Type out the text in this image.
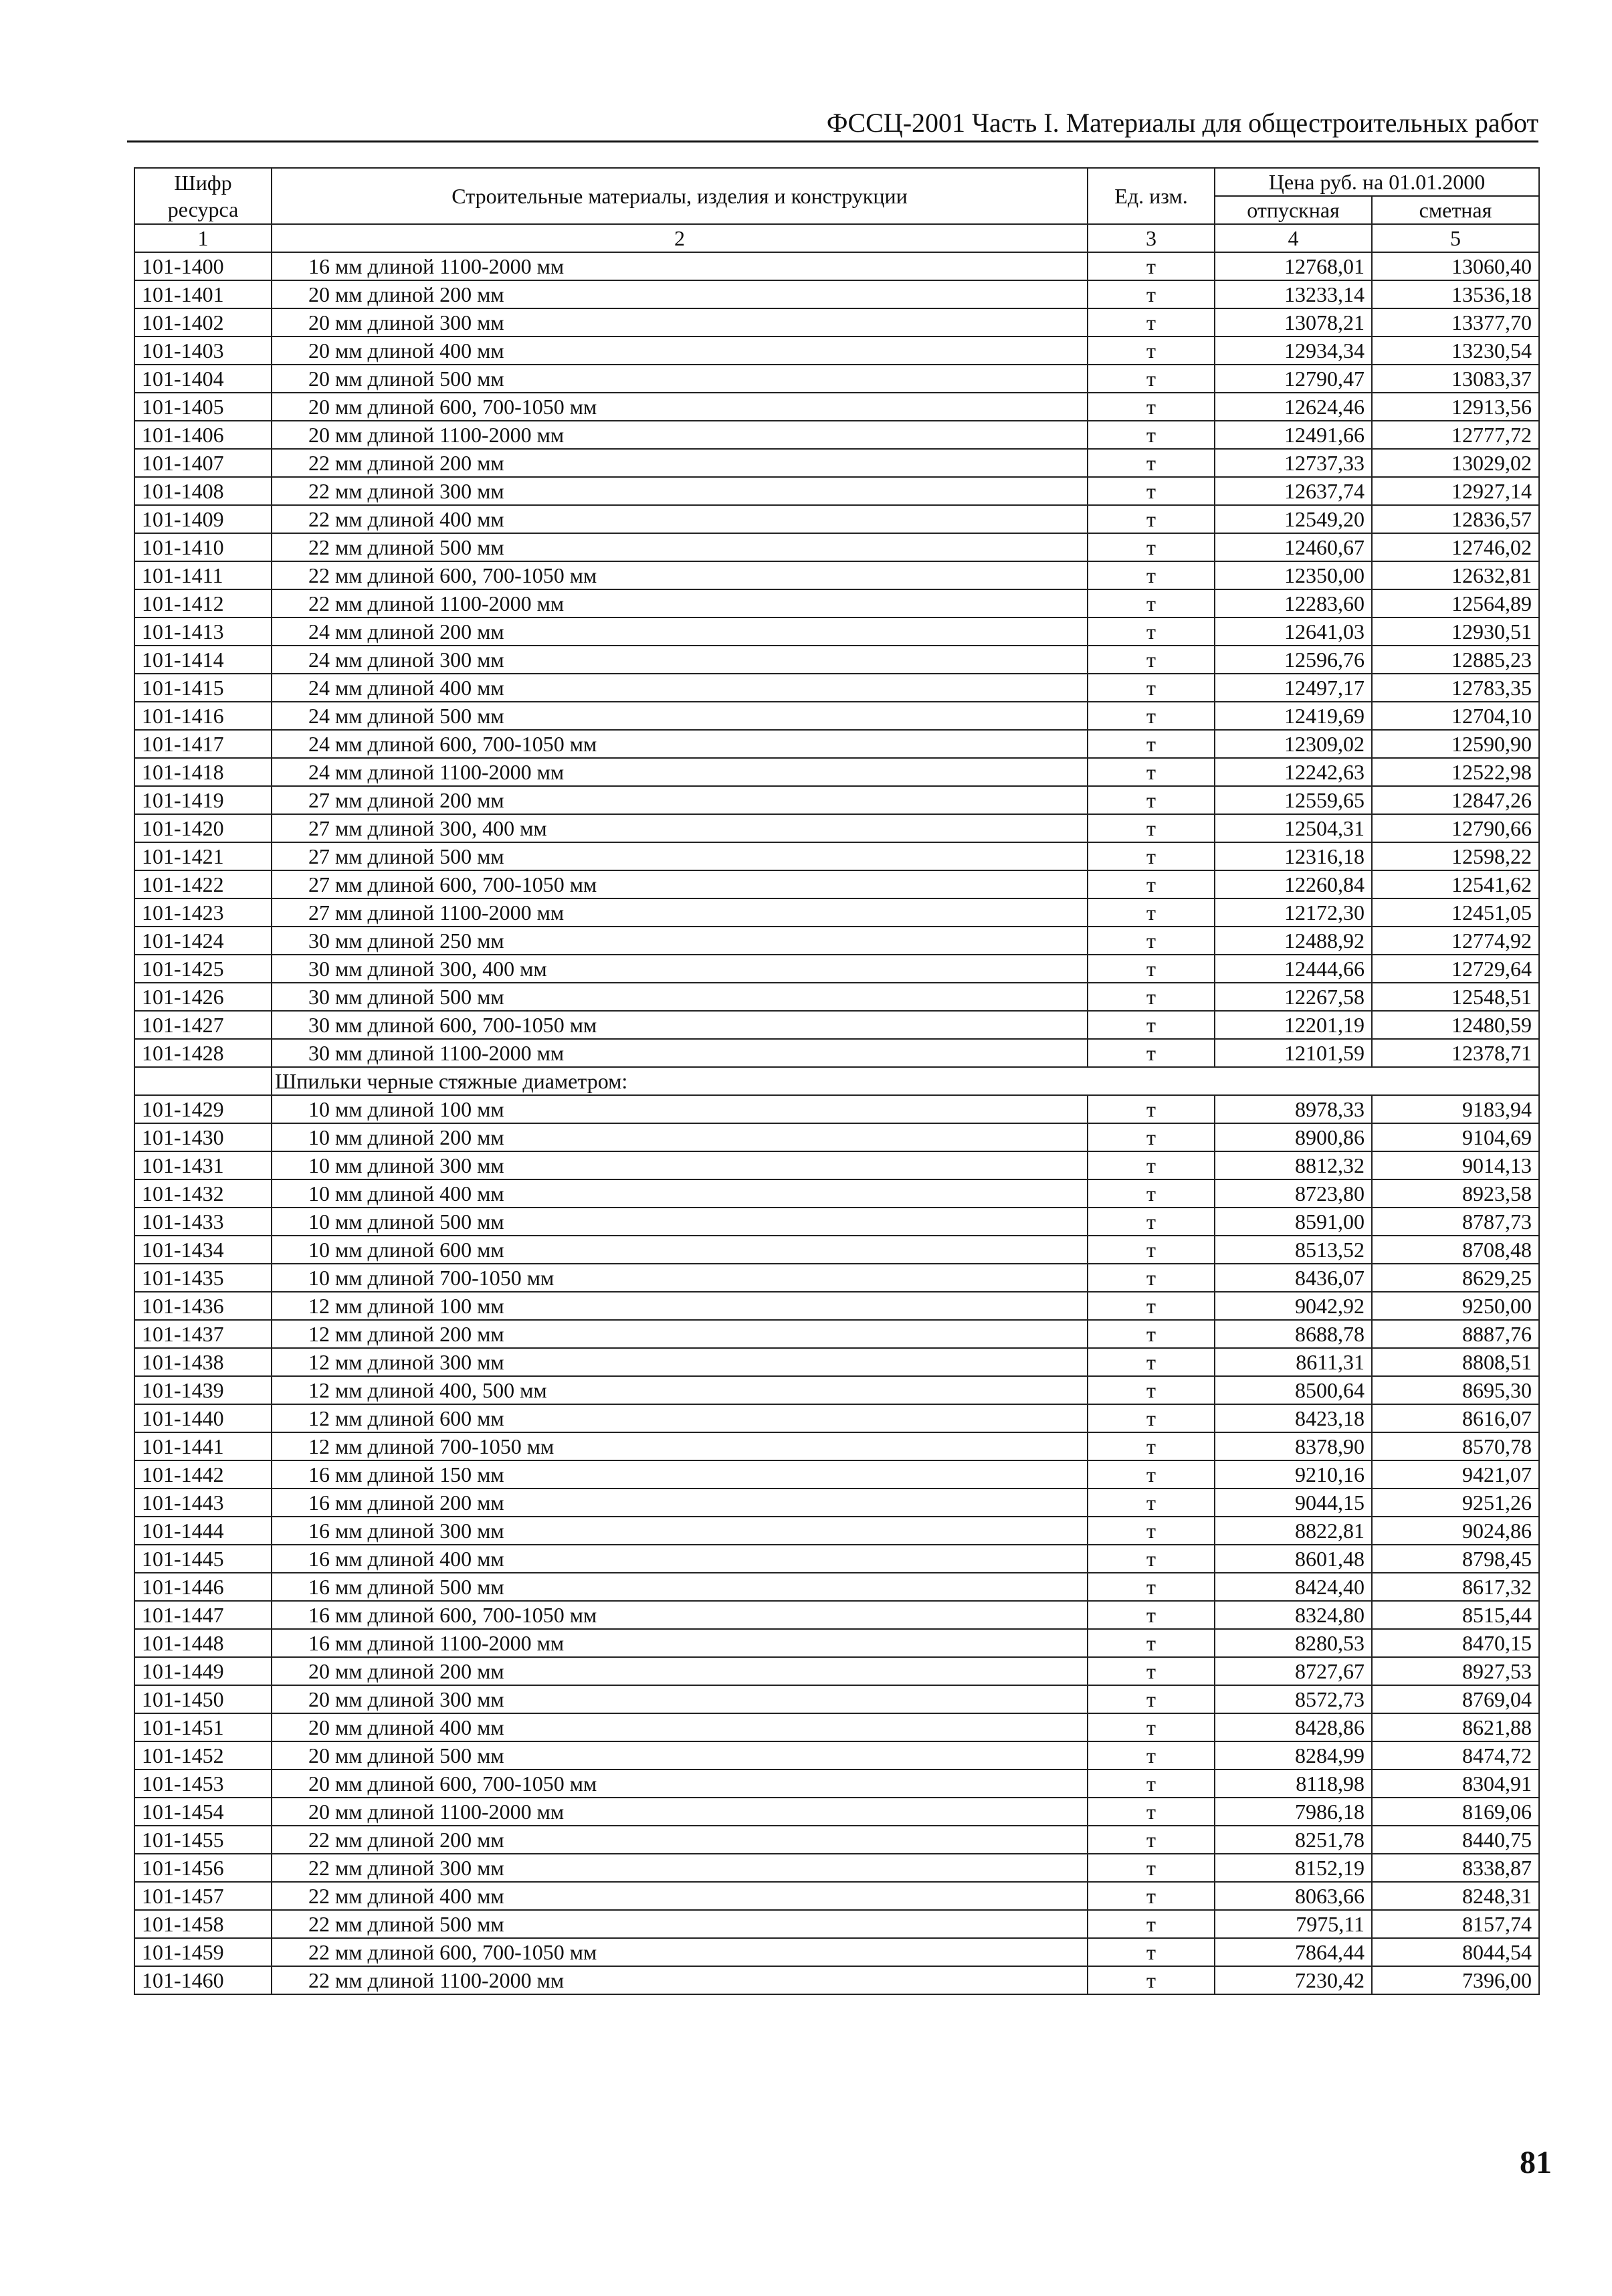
ФССЦ-2001 Часть I. Материалы для общестроительных работ
Шифр ресурса	Строительные материалы, изделия и конструкции	Ед. изм.	Цена руб. на 01.01.2000	
			отпускная	сметная
1	2	3	4	5
101-1400	16 мм длиной 1100-2000 мм	т	12768,01	13060,40
101-1401	20 мм длиной 200 мм	т	13233,14	13536,18
101-1402	20 мм длиной 300 мм	т	13078,21	13377,70
101-1403	20 мм длиной 400 мм	т	12934,34	13230,54
101-1404	20 мм длиной 500 мм	т	12790,47	13083,37
101-1405	20 мм длиной 600, 700-1050 мм	т	12624,46	12913,56
101-1406	20 мм длиной 1100-2000 мм	т	12491,66	12777,72
101-1407	22 мм длиной 200 мм	т	12737,33	13029,02
101-1408	22 мм длиной 300 мм	т	12637,74	12927,14
101-1409	22 мм длиной 400 мм	т	12549,20	12836,57
101-1410	22 мм длиной 500 мм	т	12460,67	12746,02
101-1411	22 мм длиной 600, 700-1050 мм	т	12350,00	12632,81
101-1412	22 мм длиной 1100-2000 мм	т	12283,60	12564,89
101-1413	24 мм длиной 200 мм	т	12641,03	12930,51
101-1414	24 мм длиной 300 мм	т	12596,76	12885,23
101-1415	24 мм длиной 400 мм	т	12497,17	12783,35
101-1416	24 мм длиной 500 мм	т	12419,69	12704,10
101-1417	24 мм длиной 600, 700-1050 мм	т	12309,02	12590,90
101-1418	24 мм длиной 1100-2000 мм	т	12242,63	12522,98
101-1419	27 мм длиной 200 мм	т	12559,65	12847,26
101-1420	27 мм длиной 300, 400 мм	т	12504,31	12790,66
101-1421	27 мм длиной 500 мм	т	12316,18	12598,22
101-1422	27 мм длиной 600, 700-1050 мм	т	12260,84	12541,62
101-1423	27 мм длиной 1100-2000 мм	т	12172,30	12451,05
101-1424	30 мм длиной 250 мм	т	12488,92	12774,92
101-1425	30 мм длиной 300, 400 мм	т	12444,66	12729,64
101-1426	30 мм длиной 500 мм	т	12267,58	12548,51
101-1427	30 мм длиной 600, 700-1050 мм	т	12201,19	12480,59
101-1428	30 мм длиной 1100-2000 мм	т	12101,59	12378,71
	Шпильки черные стяжные диаметром:			
101-1429	10 мм длиной 100 мм	т	8978,33	9183,94
101-1430	10 мм длиной 200 мм	т	8900,86	9104,69
101-1431	10 мм длиной 300 мм	т	8812,32	9014,13
101-1432	10 мм длиной 400 мм	т	8723,80	8923,58
101-1433	10 мм длиной 500 мм	т	8591,00	8787,73
101-1434	10 мм длиной 600 мм	т	8513,52	8708,48
101-1435	10 мм длиной 700-1050 мм	т	8436,07	8629,25
101-1436	12 мм длиной 100 мм	т	9042,92	9250,00
101-1437	12 мм длиной 200 мм	т	8688,78	8887,76
101-1438	12 мм длиной 300 мм	т	8611,31	8808,51
101-1439	12 мм длиной 400, 500 мм	т	8500,64	8695,30
101-1440	12 мм длиной 600 мм	т	8423,18	8616,07
101-1441	12 мм длиной 700-1050 мм	т	8378,90	8570,78
101-1442	16 мм длиной 150 мм	т	9210,16	9421,07
101-1443	16 мм длиной 200 мм	т	9044,15	9251,26
101-1444	16 мм длиной 300 мм	т	8822,81	9024,86
101-1445	16 мм длиной 400 мм	т	8601,48	8798,45
101-1446	16 мм длиной 500 мм	т	8424,40	8617,32
101-1447	16 мм длиной 600, 700-1050 мм	т	8324,80	8515,44
101-1448	16 мм длиной 1100-2000 мм	т	8280,53	8470,15
101-1449	20 мм длиной 200 мм	т	8727,67	8927,53
101-1450	20 мм длиной 300 мм	т	8572,73	8769,04
101-1451	20 мм длиной 400 мм	т	8428,86	8621,88
101-1452	20 мм длиной 500 мм	т	8284,99	8474,72
101-1453	20 мм длиной 600, 700-1050 мм	т	8118,98	8304,91
101-1454	20 мм длиной 1100-2000 мм	т	7986,18	8169,06
101-1455	22 мм длиной 200 мм	т	8251,78	8440,75
101-1456	22 мм длиной 300 мм	т	8152,19	8338,87
101-1457	22 мм длиной 400 мм	т	8063,66	8248,31
101-1458	22 мм длиной 500 мм	т	7975,11	8157,74
101-1459	22 мм длиной 600, 700-1050 мм	т	7864,44	8044,54
101-1460	22 мм длиной 1100-2000 мм	т	7230,42	7396,00
81
